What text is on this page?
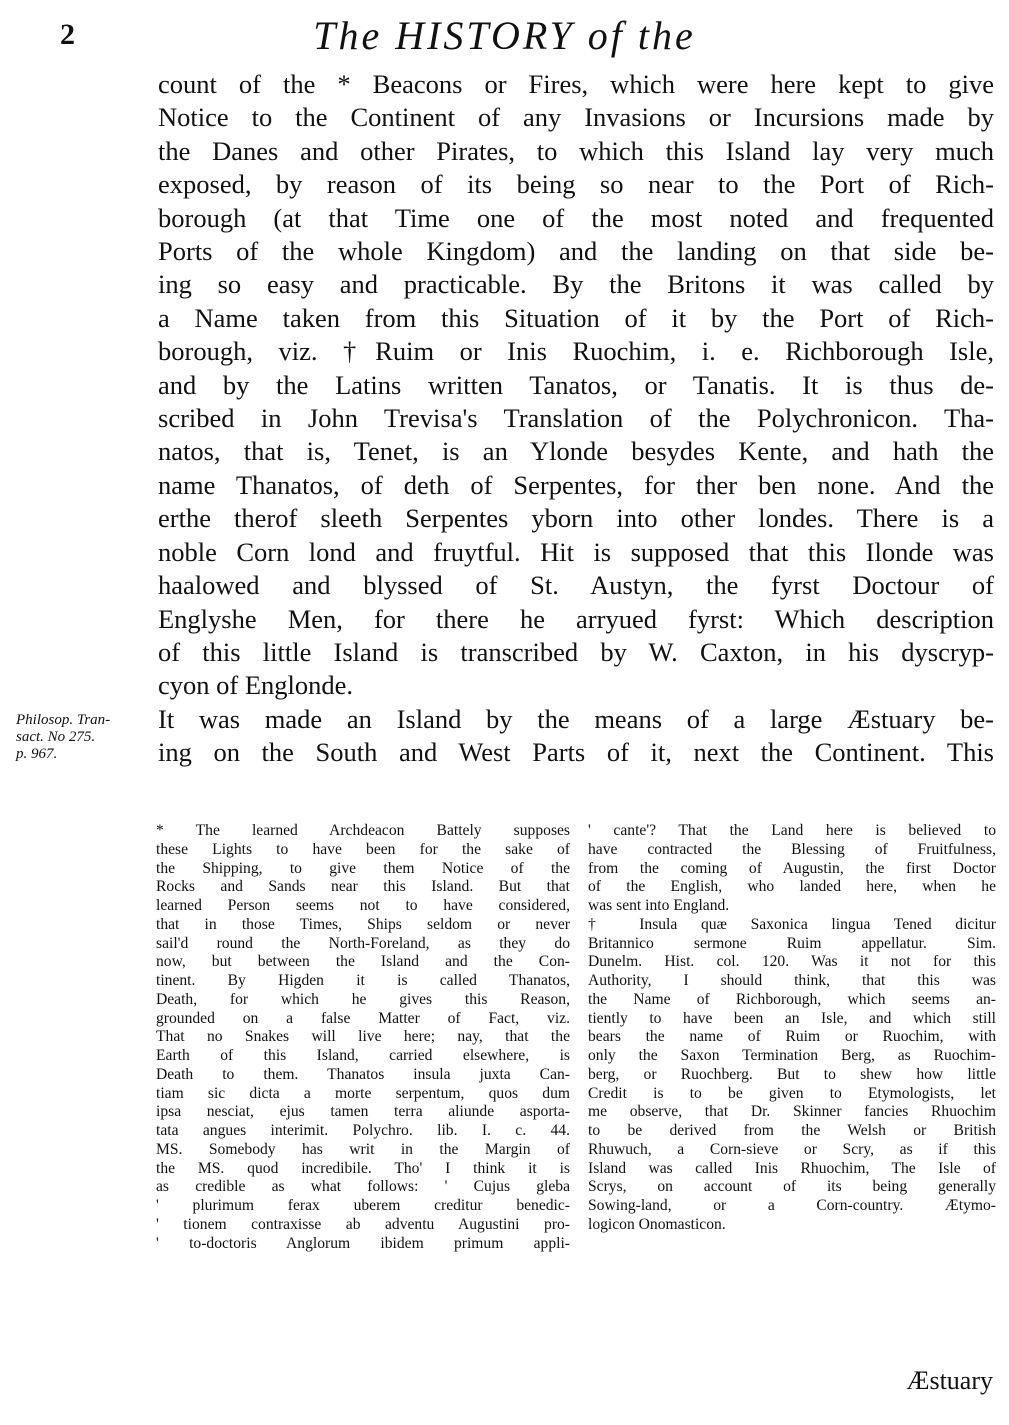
2	The HISTORY of the
count of the * Beacons or Fires, which were here kept to give
Notice to the Continent of any Invasions or Incursions made by
the Danes and other Pirates, to which this Island lay very much
exposed, by reason of its being so near to the Port of Rich-
borough (at that Time one of the most noted and frequented
Ports of the whole Kingdom) and the landing on that side be-
ing so easy and practicable. By the Britons it was called by
a Name taken from this Situation of it by the Port of Rich-
borough, viz. †Ruim or Inis Ruochim, i. e. Richborough Isle,
and by the Latins written Tanatos, or Tanatis. It is thus de-
scribed in John Trevisa's Translation of the Polychronicon. Tha-
natos, that is, Tenet, is an Ylonde besydes Kente, and hath the
name Thanatos, of deth of Serpentes, for ther ben none. And the
erthe therof sleeth Serpentes yborn into other londes. There is a
noble Corn lond and fruytful. Hit is supposed that this Ilonde was
haalowed and blyssed of St. Austyn, the fyrst Doctour of
Englyshe Men, for there he arryued fyrst: Which description
of this little Island is transcribed by W. Caxton, in his dyscryp-
cyon of Englonde.
It was made an Island by the means of a large Æstuary be-
ing on the South and West Parts of it, next the Continent. This
Philosop. Tran-
sact. No 275.
p. 967.
* The learned Archdeacon Battely supposes
these Lights to have been for the sake of
the Shipping, to give them Notice of the
Rocks and Sands near this Island. But that
learned Person seems not to have considered,
that in those Times, Ships seldom or never
sail'd round the North-Foreland, as they do
now, but between the Island and the Con-
tinent. By Higden it is called Thanatos,
Death, for which he gives this Reason,
grounded on a false Matter of Fact, viz.
That no Snakes will live here; nay, that the
Earth of this Island, carried elsewhere, is
Death to them. Thanatos insula juxta Can-
tiam sic dicta a morte serpentum, quos dum
ipsa nesciat, ejus tamen terra aliunde asporta-
tata angues interimit. Polychro. lib. I. c. 44.
MS. Somebody has writ in the Margin of
the MS. quod incredibile. Tho' I think it is
as credible as what follows: ' Cujus gleba
' plurimum ferax uberem creditur benedic-
' tionem contraxisse ab adventu Augustini pro-
' to-doctoris Anglorum ibidem primum appli-
' cante'? That the Land here is believed to
have contracted the Blessing of Fruitfulness,
from the coming of Augustin, the first Doctor
of the English, who landed here, when he
was sent into England.
† Insula quæ Saxonica lingua Tened dicitur
Britannico sermone Ruim appellatur. Sim.
Dunelm. Hist. col. 120. Was it not for this
Authority, I should think, that this was
the Name of Richborough, which seems an-
tiently to have been an Isle, and which still
bears the name of Ruim or Ruochim, with
only the Saxon Termination Berg, as Ruochim-
berg, or Ruochberg. But to shew how little
Credit is to be given to Etymologists, let
me observe, that Dr. Skinner fancies Rhuochim
to be derived from the Welsh or British
Rhuwuch, a Corn-sieve or Scry, as if this
Island was called Inis Rhuochim, The Isle of
Scrys, on account of its being generally
Sowing-land, or a Corn-country. Ætymo-
logicon Onomasticon.
Æstuary
